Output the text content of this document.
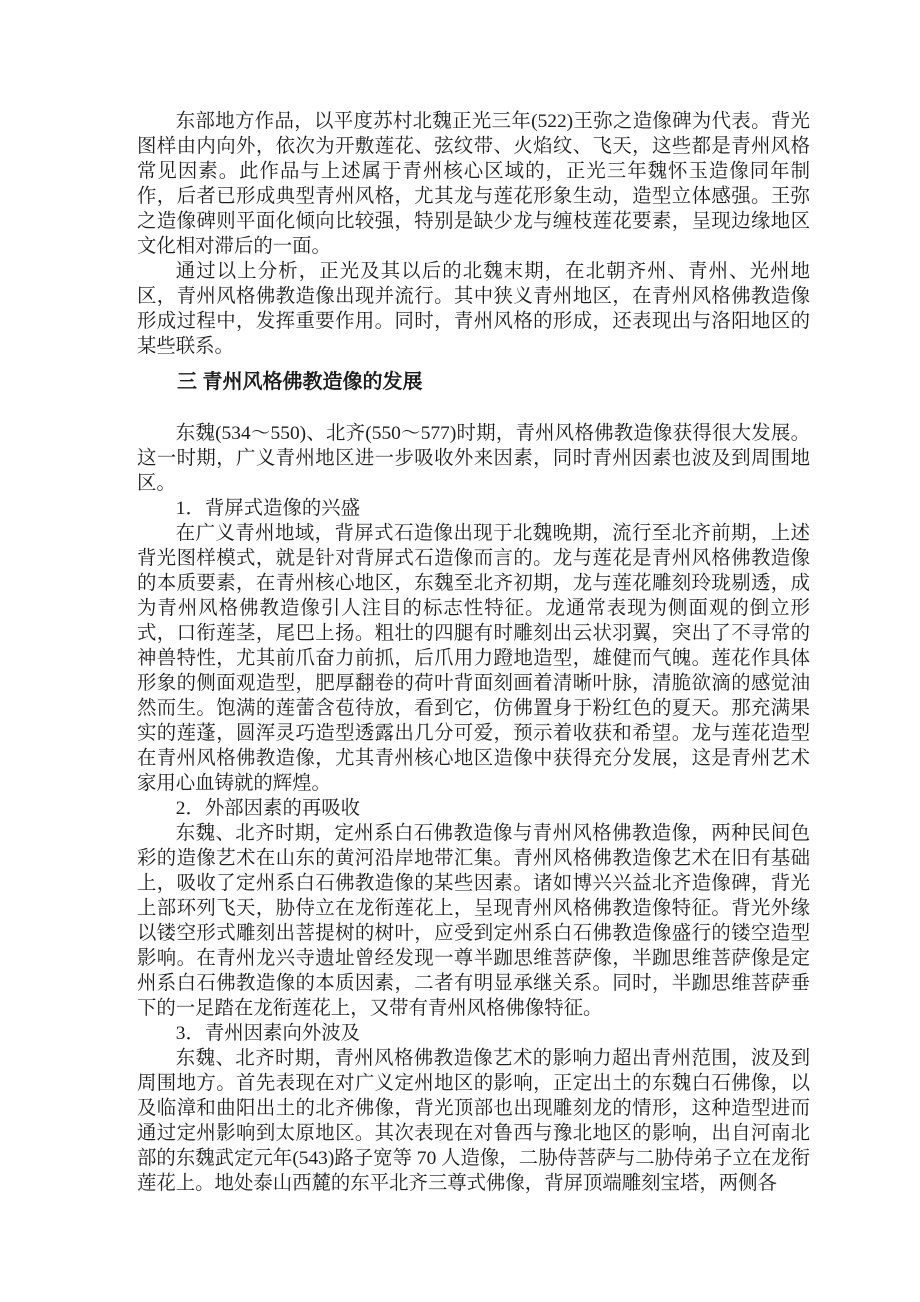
东部地方作品，以平度苏村北魏正光三年(522)王弥之造像碑为代表。背光图样由内向外，依次为开敷莲花、弦纹带、火焰纹、飞天，这些都是青州风格常见因素。此作品与上述属于青州核心区域的，正光三年魏怀玉造像同年制作，后者已形成典型青州风格，尤其龙与莲花形象生动，造型立体感强。王弥之造像碑则平面化倾向比较强，特别是缺少龙与缠枝莲花要素，呈现边缘地区文化相对滞后的一面。

通过以上分析，正光及其以后的北魏末期，在北朝齐州、青州、光州地区，青州风格佛教造像出现并流行。其中狭义青州地区，在青州风格佛教造像形成过程中，发挥重要作用。同时，青州风格的形成，还表现出与洛阳地区的某些联系。

三 青州风格佛教造像的发展

东魏(534～550)、北齐(550～577)时期，青州风格佛教造像获得很大发展。这一时期，广义青州地区进一步吸收外来因素，同时青州因素也波及到周围地区。

1．背屏式造像的兴盛

在广义青州地域，背屏式石造像出现于北魏晚期，流行至北齐前期，上述背光图样模式，就是针对背屏式石造像而言的。龙与莲花是青州风格佛教造像的本质要素，在青州核心地区，东魏至北齐初期，龙与莲花雕刻玲珑剔透，成为青州风格佛教造像引人注目的标志性特征。龙通常表现为侧面观的倒立形式，口衔莲茎，尾巴上扬。粗壮的四腿有时雕刻出云状羽翼，突出了不寻常的神兽特性，尤其前爪奋力前抓，后爪用力蹬地造型，雄健而气魄。莲花作具体形象的侧面观造型，肥厚翻卷的荷叶背面刻画着清晰叶脉，清脆欲滴的感觉油然而生。饱满的莲蕾含苞待放，看到它，仿佛置身于粉红色的夏天。那充满果实的莲蓬，圆浑灵巧造型透露出几分可爱，预示着收获和希望。龙与莲花造型在青州风格佛教造像，尤其青州核心地区造像中获得充分发展，这是青州艺术家用心血铸就的辉煌。

2．外部因素的再吸收

东魏、北齐时期，定州系白石佛教造像与青州风格佛教造像，两种民间色彩的造像艺术在山东的黄河沿岸地带汇集。青州风格佛教造像艺术在旧有基础上，吸收了定州系白石佛教造像的某些因素。诸如博兴兴益北齐造像碑，背光上部环列飞天，胁侍立在龙衔莲花上，呈现青州风格佛教造像特征。背光外缘以镂空形式雕刻出菩提树的树叶，应受到定州系白石佛教造像盛行的镂空造型影响。在青州龙兴寺遗址曾经发现一尊半跏思维菩萨像，半跏思维菩萨像是定州系白石佛教造像的本质因素，二者有明显承继关系。同时，半跏思维菩萨垂下的一足踏在龙衔莲花上，又带有青州风格佛像特征。

3．青州因素向外波及

东魏、北齐时期，青州风格佛教造像艺术的影响力超出青州范围，波及到周围地方。首先表现在对广义定州地区的影响，正定出土的东魏白石佛像，以及临漳和曲阳出土的北齐佛像，背光顶部也出现雕刻龙的情形，这种造型进而通过定州影响到太原地区。其次表现在对鲁西与豫北地区的影响，出自河南北部的东魏武定元年(543)路子宽等 70 人造像，二胁侍菩萨与二胁侍弟子立在龙衔莲花上。地处泰山西麓的东平北齐三尊式佛像，背屏顶端雕刻宝塔，两侧各
